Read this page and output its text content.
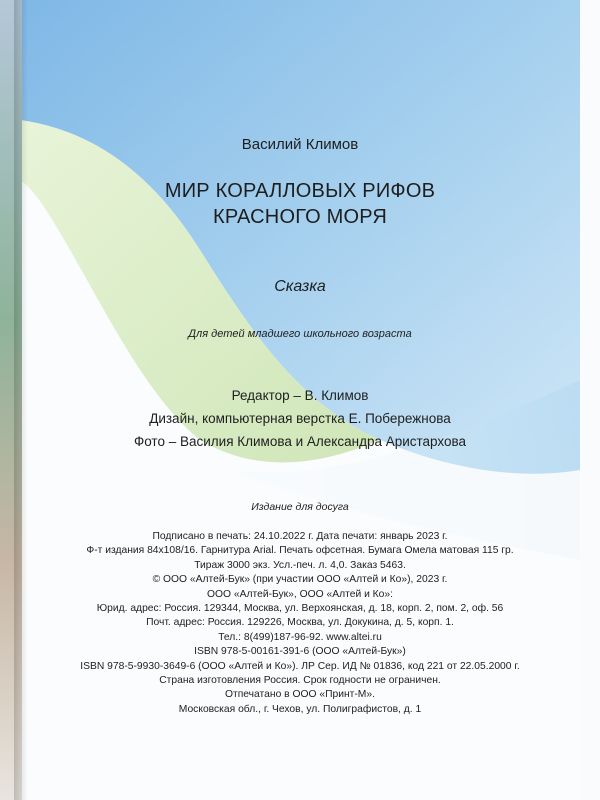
Василий Климов
МИР КОРАЛЛОВЫХ РИФОВ
КРАСНОГО МОРЯ
Сказка
Для детей младшего школьного возраста
Редактор – В. Климов
Дизайн, компьютерная верстка Е. Побережнова
Фото – Василия Климова и Александра Аристархова
Издание для досуга
Подписано в печать: 24.10.2022 г. Дата печати: январь 2023 г.
Ф-т издания 84х108/16. Гарнитура Arial. Печать офсетная. Бумага Омела матовая 115 гр.
Тираж 3000 экз. Усл.-печ. л. 4,0. Заказ 5463.
© ООО «Алтей-Бук» (при участии ООО «Алтей и Ко»), 2023 г.
ООО «Алтей-Бук», ООО «Алтей и Ко»:
Юрид. адрес: Россия. 129344, Москва, ул. Верхоянская, д. 18, корп. 2, пом. 2, оф. 56
Почт. адрес: Россия. 129226, Москва, ул. Докукина, д. 5, корп. 1.
Тел.: 8(499)187-96-92. www.altei.ru
ISBN 978-5-00161-391-6 (ООО «Алтей-Бук»)
ISBN 978-5-9930-3649-6 (ООО «Алтей и Ко»). ЛР Сер. ИД № 01836, код 221 от 22.05.2000 г.
Страна изготовления Россия. Срок годности не ограничен.
Отпечатано в ООО «Принт-М».
Московская обл., г. Чехов, ул. Полиграфистов, д. 1
